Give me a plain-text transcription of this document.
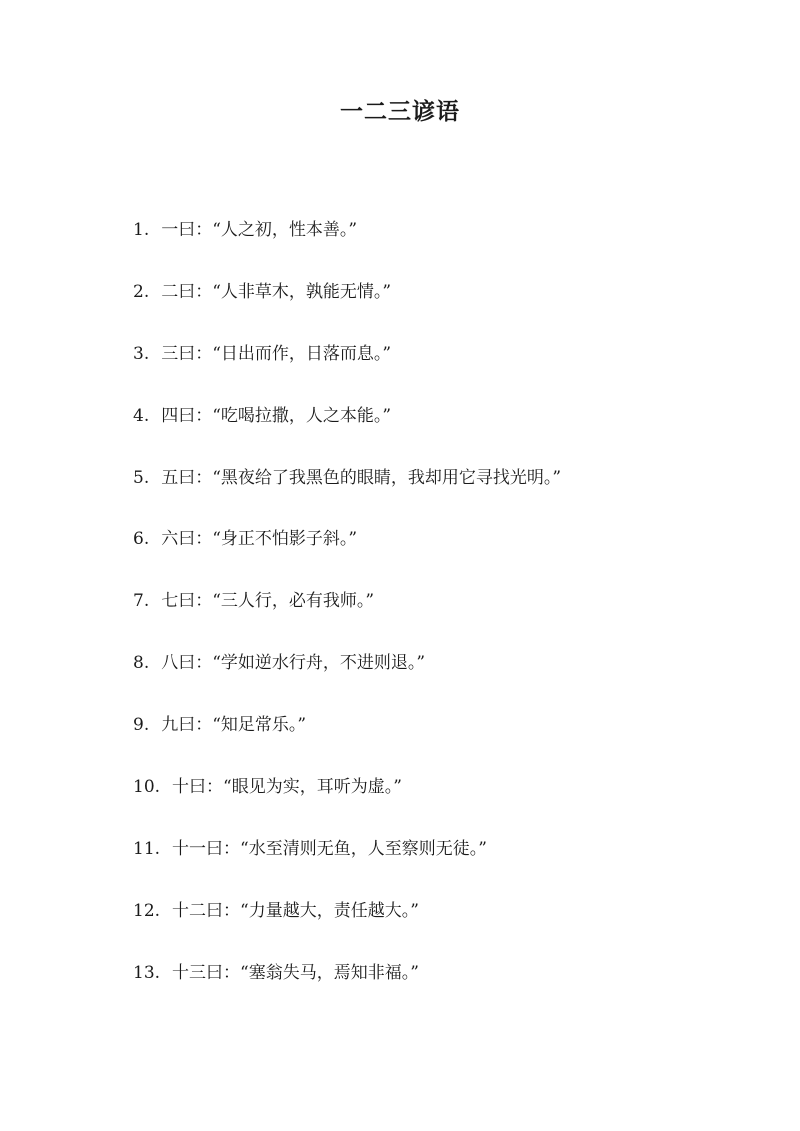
一二三谚语
1. 一曰：“人之初，性本善。”
2. 二曰：“人非草木，孰能无情。”
3. 三曰：“日出而作，日落而息。”
4. 四曰：“吃喝拉撒，人之本能。”
5. 五曰：“黑夜给了我黑色的眼睛，我却用它寻找光明。”
6. 六曰：“身正不怕影子斜。”
7. 七曰：“三人行，必有我师。”
8. 八曰：“学如逆水行舟，不进则退。”
9. 九曰：“知足常乐。”
10. 十曰：“眼见为实，耳听为虚。”
11. 十一曰：“水至清则无鱼，人至察则无徒。”
12. 十二曰：“力量越大，责任越大。”
13. 十三曰：“塞翁失马，焉知非福。”
